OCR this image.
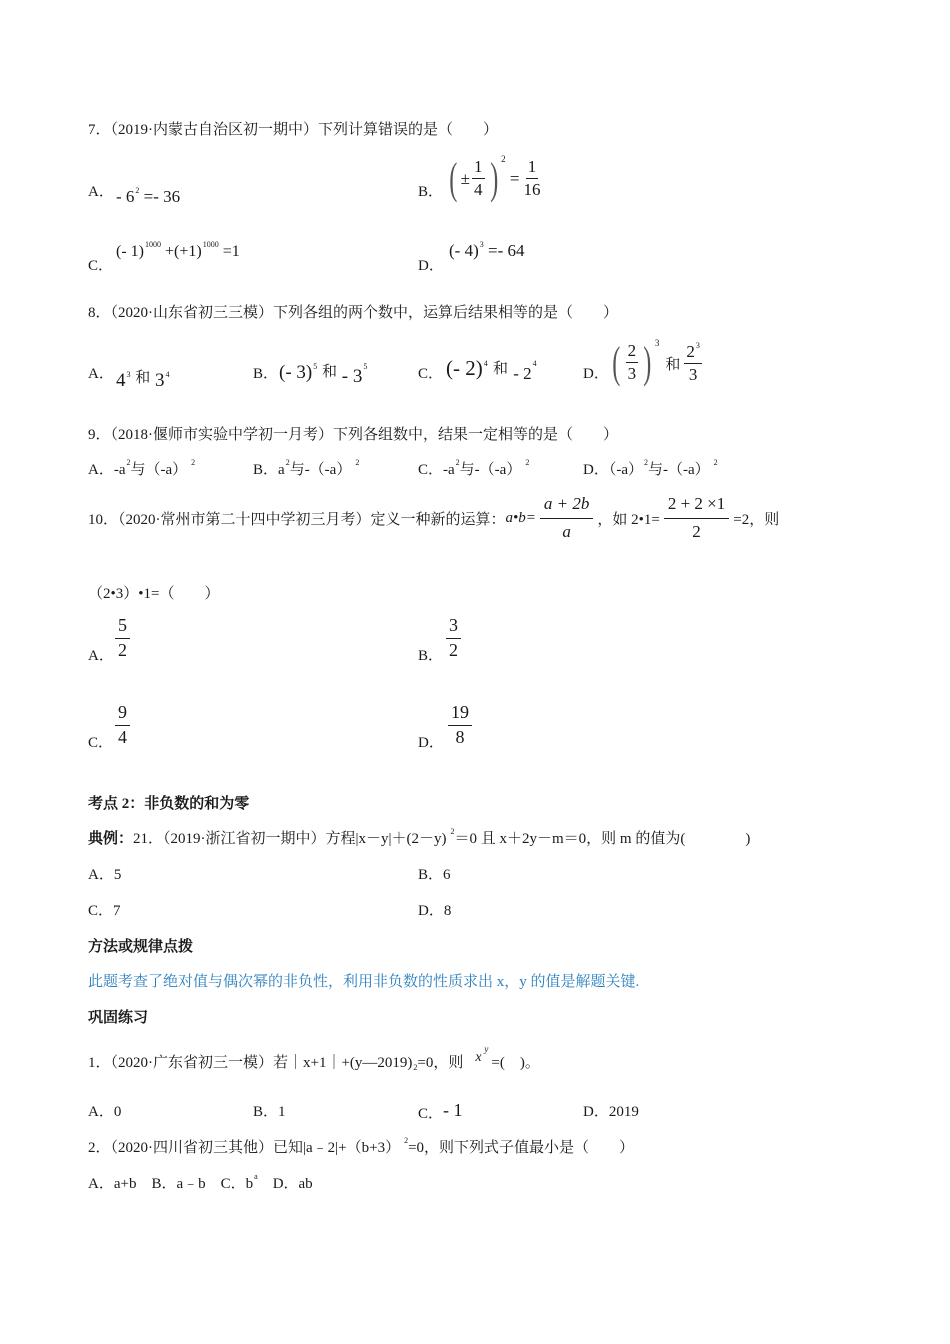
7．（2019·内蒙古自治区初一期中）下列计算错误的是（　　）
A． - $6^2 =- 36$	B． ( ± $\frac{1}{4}$ ) 2

= $\frac{1}{16}$
C．
(- $1)^{1000} +(+1)^{1000} =1$
D．
(- 4)$^3$ =- 64
8．（2020·山东省初三三模）下列各组的两个数中，运算后结果相等的是（　　）
A． $4^3$ $^和$ $3^4$	B． (- 3)$^5$ 和 - $3^5$	C． (- 2)$^4$ 和 - $2^4$
D． ( $\frac{2}{3}$ ) 3
和 $\frac{2^3}{3}$
9．（2018·偃师市实验中学初一月考）下列各组数中，结果一定相等的是（　　）
A．$-a^2$与（-a） $^2$	B．$a^2$与-（-a） $^2$	C．$-a^2$与-（-a） $^2$	D．$(-a)^2$与-（-a） $^2$
10．（2020·常州市第二十四中学初三月考）定义一种新的运算： a•b= $\frac{a + 2b}{a}$ ，如 2•1= $\frac{2 + 2 \times 1}{2} =2$，则
（2•3）•1=（　　）
A． $\frac{5}{2}$	B． $\frac{3}{2}$
C． $\frac{9}{4}$	D． $\frac{19}{8}$
考点 2：非负数的和为零
典例：21．（2019·浙江省初一期中）方程|x－y|＋(2－y) $^2$＝0 且 x＋2y－m＝0，则 m 的值为(　　　　)
A．5	B．6
C．7	D．8
方法或规律点拨
此题考查了绝对值与偶次幂的非负性，利用非负数的性质求出 x，y 的值是解题关键.
巩固练习
1．（2020·广东省初三一模）若｜x+1｜+(y—2019) 2 =0，则 x
y
=(　)。
A．0	B．1	C．- 1	D．2019
2．（2020·四川省初三其他）已知|a﹣2|+（b+3） $^2$=0，则下列式子值最小是（　　）
A．a+b　B．a﹣b　C．$b^a$　D．ab
